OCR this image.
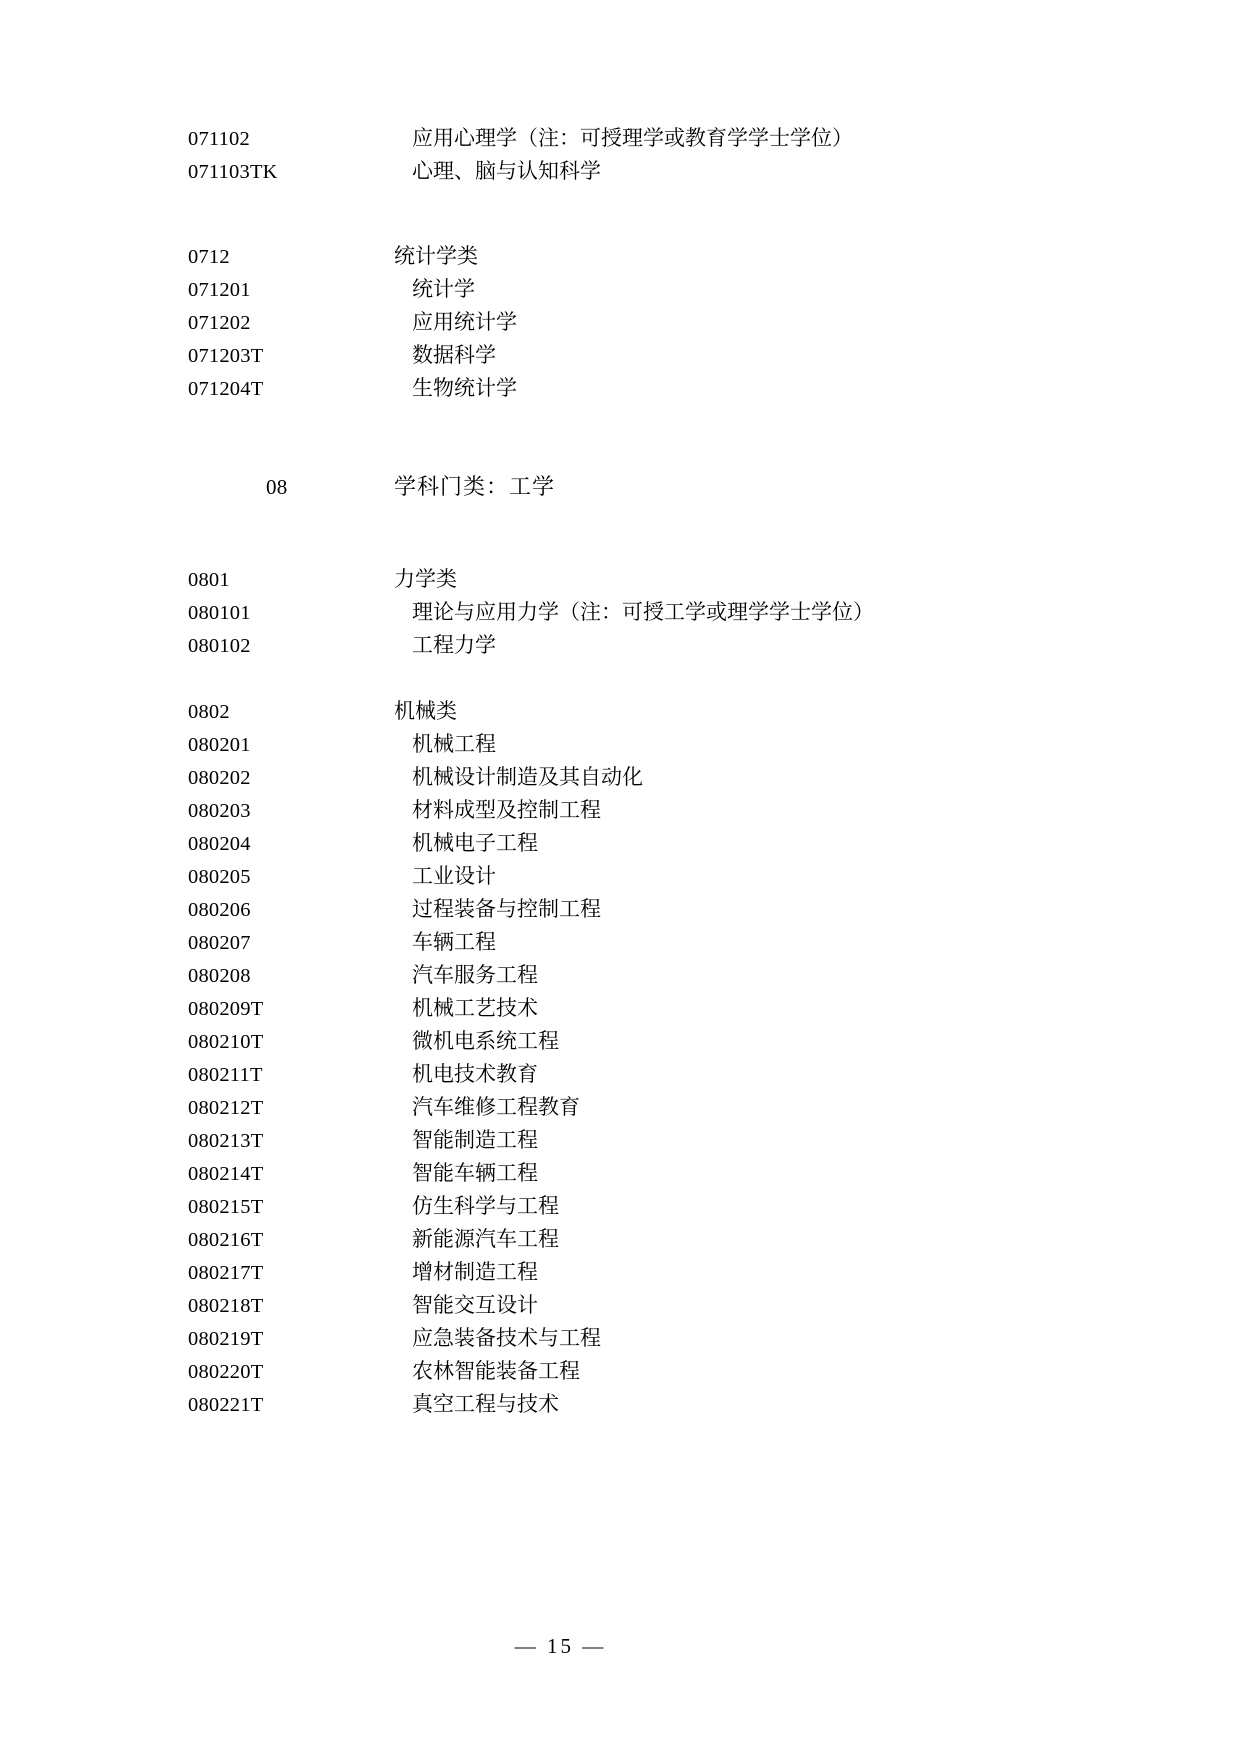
071102	应用心理学（注：可授理学或教育学学士学位）
071103TK	心理、脑与认知科学
0712	统计学类
071201	统计学
071202	应用统计学
071203T	数据科学
071204T	生物统计学
08	学科门类：工学
0801	力学类
080101	理论与应用力学（注：可授工学或理学学士学位）
080102	工程力学
0802	机械类
080201	机械工程
080202	机械设计制造及其自动化
080203	材料成型及控制工程
080204	机械电子工程
080205	工业设计
080206	过程装备与控制工程
080207	车辆工程
080208	汽车服务工程
080209T	机械工艺技术
080210T	微机电系统工程
080211T	机电技术教育
080212T	汽车维修工程教育
080213T	智能制造工程
080214T	智能车辆工程
080215T	仿生科学与工程
080216T	新能源汽车工程
080217T	增材制造工程
080218T	智能交互设计
080219T	应急装备技术与工程
080220T	农林智能装备工程
080221T	真空工程与技术
— 15 —
